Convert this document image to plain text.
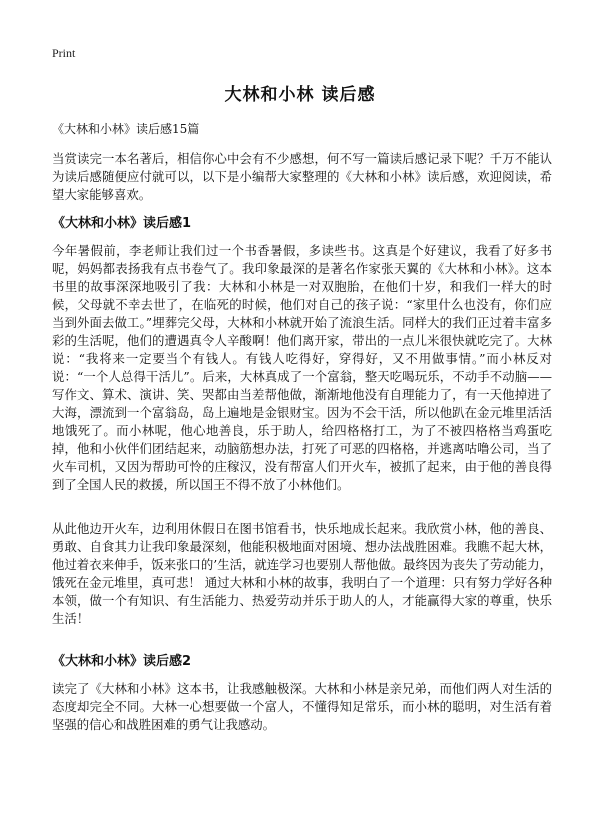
Print
大林和小林 读后感
《大林和小林》读后感15篇
当赏读完一本名著后，相信你心中会有不少感想，何不写一篇读后感记录下呢？千万不能认为读后感随便应付就可以，以下是小编帮大家整理的《大林和小林》读后感，欢迎阅读，希望大家能够喜欢。
《大林和小林》读后感1
今年暑假前，李老师让我们过一个书香暑假，多读些书。这真是个好建议，我看了好多书呢，妈妈都表扬我有点书卷气了。我印象最深的是著名作家张天翼的《大林和小林》。这本书里的故事深深地吸引了我：大林和小林是一对双胞胎，在他们十岁，和我们一样大的时候，父母就不幸去世了，在临死的时候，他们对自己的孩子说：“家里什么也没有，你们应当到外面去做工。”埋葬完父母，大林和小林就开始了流浪生活。同样大的我们正过着丰富多彩的生活呢，他们的遭遇真令人辛酸啊！他们离开家，带出的一点儿米很快就吃完了。大林说：“我将来一定要当个有钱人。有钱人吃得好，穿得好，又不用做事情。”而小林反对说：“一个人总得干活儿”。后来，大林真成了一个富翁，整天吃喝玩乐，不动手不动脑——写作文、算术、演讲、笑、哭都由当差帮他做，渐渐地他没有自理能力了，有一天他掉进了大海，漂流到一个富翁岛，岛上遍地是金银财宝。因为不会干活，所以他趴在金元堆里活活地饿死了。而小林呢，他心地善良，乐于助人，给四格格打工，为了不被四格格当鸡蛋吃掉，他和小伙伴们团结起来，动脑筋想办法，打死了可恶的四格格，并逃离咕噜公司，当了火车司机，又因为帮助可怜的庄稼汉，没有帮富人们开火车，被抓了起来，由于他的善良得到了全国人民的救援，所以国王不得不放了小林他们。
从此他边开火车，边利用休假日在图书馆看书，快乐地成长起来。我欣赏小林，他的善良、勇敢、自食其力让我印象最深刻，他能积极地面对困境、想办法战胜困难。我瞧不起大林，他过着衣来伸手，饭来张口的’生活，就连学习也要别人帮他做。最终因为丧失了劳动能力，饿死在金元堆里，真可悲！ 通过大林和小林的故事，我明白了一个道理：只有努力学好各种本领，做一个有知识、有生活能力、热爱劳动并乐于助人的人，才能赢得大家的尊重，快乐生活！
《大林和小林》读后感2
读完了《大林和小林》这本书，让我感触极深。大林和小林是亲兄弟，而他们两人对生活的态度却完全不同。大林一心想要做一个富人，不懂得知足常乐，而小林的聪明，对生活有着坚强的信心和战胜困难的勇气让我感动。
